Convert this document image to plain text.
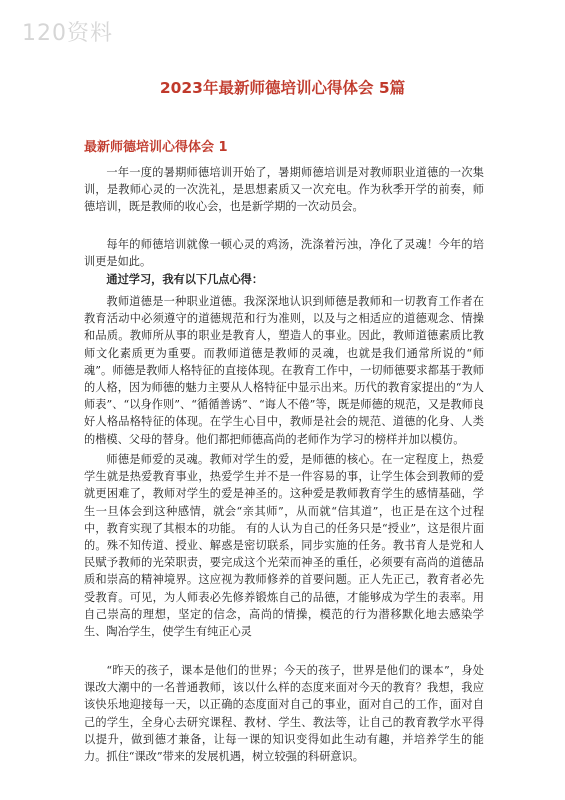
120资料
2023年最新师德培训心得体会 5篇
最新师德培训心得体会 1

一年一度的暑期师德培训开始了，暑期师德培训是对教师职业道德的一次集训，是教师心灵的一次洗礼，是思想素质又一次充电。作为秋季开学的前奏，师德培训，既是教师的收心会，也是新学期的一次动员会。

每年的师德培训就像一顿心灵的鸡汤，洗涤着污浊，净化了灵魂！今年的培训更是如此。

通过学习，我有以下几点心得：

教师道德是一种职业道德。我深深地认识到师德是教师和一切教育工作者在教育活动中必须遵守的道德规范和行为准则，以及与之相适应的道德观念、情操和品质。教师所从事的职业是教育人，塑造人的事业。因此，教师道德素质比教师文化素质更为重要。而教师道德是教师的灵魂，也就是我们通常所说的“师魂”。师德是教师人格特征的直接体现。在教育工作中，一切师德要求都基于教师的人格，因为师德的魅力主要从人格特征中显示出来。历代的教育家提出的“为人师表”、“以身作则”、“循循善诱”、“诲人不倦”等，既是师德的规范，又是教师良好人格品格特征的体现。在学生心目中，教师是社会的规范、道德的化身、人类的楷模、父母的替身。他们都把师德高尚的老师作为学习的榜样并加以模仿。

师德是师爱的灵魂。教师对学生的爱，是师德的核心。在一定程度上，热爱学生就是热爱教育事业，热爱学生并不是一件容易的事，让学生体会到教师的爱就更困难了，教师对学生的爱是神圣的。这种爱是教师教育学生的感情基础，学生一旦体会到这种感情，就会“亲其师”，从而就“信其道”，也正是在这个过程中，教育实现了其根本的功能。 有的人认为自己的任务只是“授业”，这是很片面的。殊不知传道、授业、解惑是密切联系，同步实施的任务。教书育人是党和人民赋予教师的光荣职责，要完成这个光荣而神圣的重任，必须要有高尚的道德品质和崇高的精神境界。这应视为教师修养的首要问题。正人先正己，教育者必先受教育。可见，为人师表必先修养锻炼自己的品德，才能够成为学生的表率。用自己崇高的理想，坚定的信念，高尚的情操，模范的行为潜移默化地去感染学生、陶冶学生，使学生有纯正心灵

“昨天的孩子，课本是他们的世界；今天的孩子，世界是他们的课本”，身处课改大潮中的一名普通教师，该以什么样的态度来面对今天的教育？我想，我应该快乐地迎接每一天，以正确的态度面对自己的事业，面对自己的工作，面对自己的学生，全身心去研究课程、教材、学生、教法等，让自己的教育教学水平得以提升，做到德才兼备，让每一课的知识变得如此生动有趣，并培养学生的能力。抓住“课改”带来的发展机遇，树立较强的科研意识。
